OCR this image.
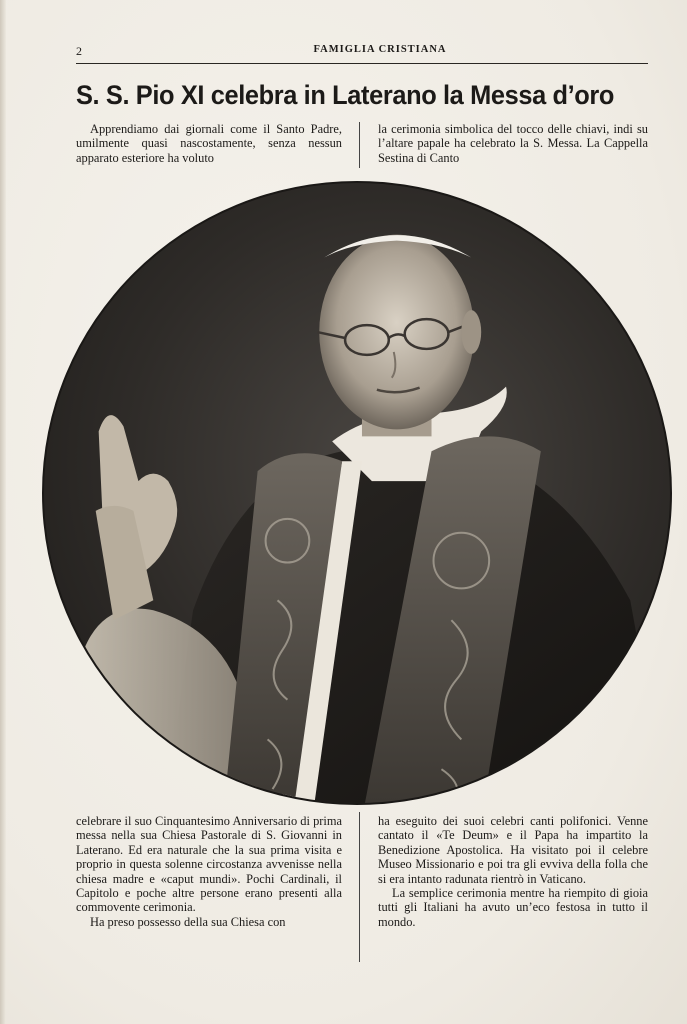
2	FAMIGLIA CRISTIANA
S. S. Pio XI celebra in Laterano la Messa d’oro

Apprendiamo dai giornali come il Santo Padre, umilmente quasi nascostamente, senza nessun apparato esteriore ha voluto

la cerimonia simbolica del tocco delle chiavi, indi su l’altare papale ha celebrato la S. Messa. La Cappella Sestina di Canto

celebrare il suo Cinquantesimo Anniversario di prima messa nella sua Chiesa Pastorale di S. Giovanni in Laterano. Ed era naturale che la sua prima visita e proprio in questa solenne circostanza avvenisse nella chiesa madre e «caput mundi». Pochi Cardinali, il Capitolo e poche altre persone erano presenti alla commovente cerimonia.

Ha preso possesso della sua Chiesa con

ha eseguito dei suoi celebri canti polifonici. Venne cantato il «Te Deum» e il Papa ha impartito la Benedizione Apostolica. Ha visitato poi il celebre Museo Missionario e poi tra gli evviva della folla che si era intanto radunata rientrò in Vaticano.

La semplice cerimonia mentre ha riempito di gioia tutti gli Italiani ha avuto un’eco festosa in tutto il mondo.
